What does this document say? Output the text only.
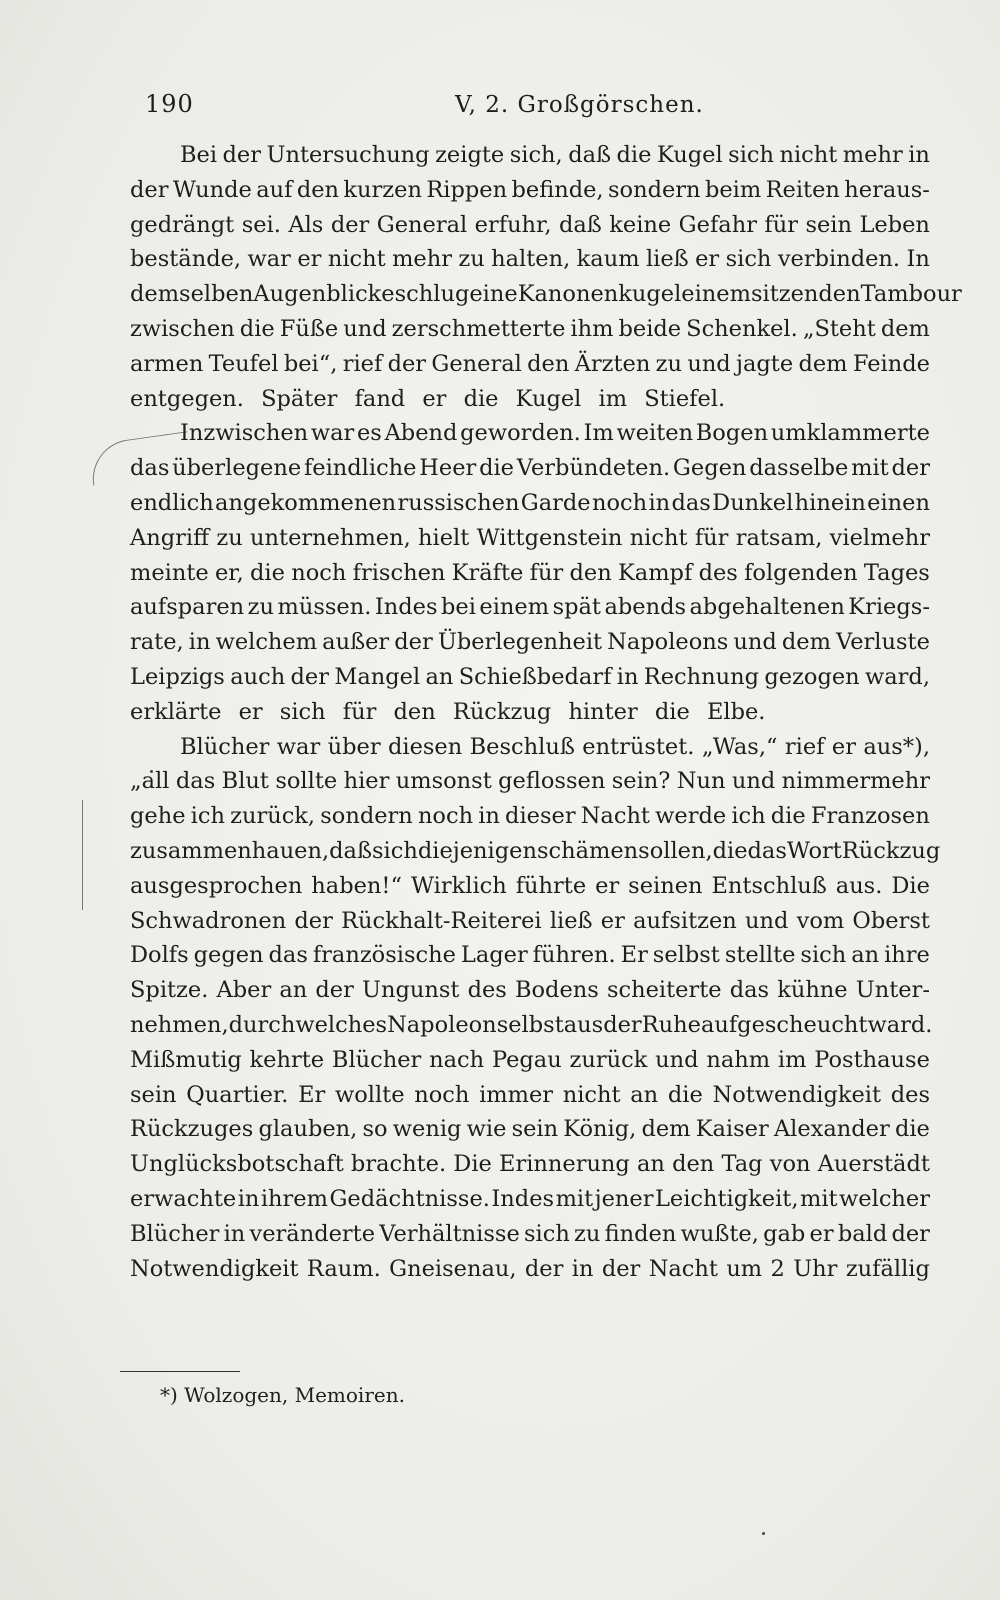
190	V, 2. Großgörschen.
Bei der Untersuchung zeigte sich, daß die Kugel sich nicht mehr in
der Wunde auf den kurzen Rippen befinde, sondern beim Reiten heraus-
gedrängt sei. Als der General erfuhr, daß keine Gefahr für sein Leben
bestände, war er nicht mehr zu halten, kaum ließ er sich verbinden. In
demselben Augenblicke schlug eine Kanonenkugel einem sitzenden Tambour
zwischen die Füße und zerschmetterte ihm beide Schenkel. „Steht dem
armen Teufel bei“, rief der General den Ärzten zu und jagte dem Feinde
entgegen. Später fand er die Kugel im Stiefel.
Inzwischen war es Abend geworden. Im weiten Bogen umklammerte
das überlegene feindliche Heer die Verbündeten. Gegen dasselbe mit der
endlich angekommenen russischen Garde noch in das Dunkel hinein einen
Angriff zu unternehmen, hielt Wittgenstein nicht für ratsam, vielmehr
meinte er, die noch frischen Kräfte für den Kampf des folgenden Tages
aufsparen zu müssen. Indes bei einem spät abends abgehaltenen Kriegs-
rate, in welchem außer der Überlegenheit Napoleons und dem Verluste
Leipzigs auch der Mangel an Schießbedarf in Rechnung gezogen ward,
erklärte er sich für den Rückzug hinter die Elbe.
Blücher war über diesen Beschluß entrüstet. „Was,“ rief er aus*),
„all das Blut sollte hier umsonst geflossen sein? Nun und nimmermehr
gehe ich zurück, sondern noch in dieser Nacht werde ich die Franzosen
zusammenhauen, daß sich diejenigen schämen sollen, die das Wort Rückzug
ausgesprochen haben!“ Wirklich führte er seinen Entschluß aus. Die
Schwadronen der Rückhalt-Reiterei ließ er aufsitzen und vom Oberst
Dolfs gegen das französische Lager führen. Er selbst stellte sich an ihre
Spitze. Aber an der Ungunst des Bodens scheiterte das kühne Unter-
nehmen, durch welches Napoleon selbst aus der Ruhe aufgescheucht ward.
Mißmutig kehrte Blücher nach Pegau zurück und nahm im Posthause
sein Quartier. Er wollte noch immer nicht an die Notwendigkeit des
Rückzuges glauben, so wenig wie sein König, dem Kaiser Alexander die
Unglücksbotschaft brachte. Die Erinnerung an den Tag von Auerstädt
erwachte in ihrem Gedächtnisse. Indes mit jener Leichtigkeit, mit welcher
Blücher in veränderte Verhältnisse sich zu finden wußte, gab er bald der
Notwendigkeit Raum. Gneisenau, der in der Nacht um 2 Uhr zufällig
*) Wolzogen, Memoiren.
